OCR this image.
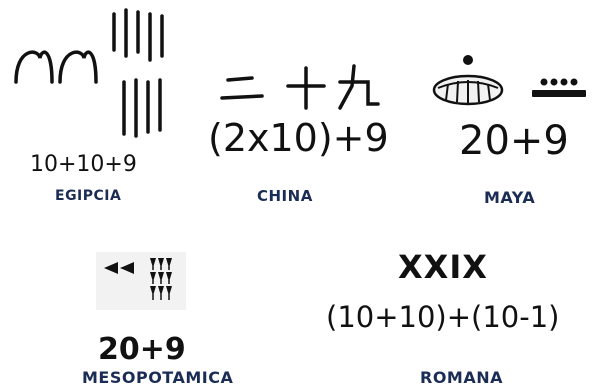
10+10+9
EGIPCIA
(2x10)+9
CHINA
20+9
MAYA
20+9
MESOPOTAMICA
XXIX
(10+10)+(10-1)
ROMANA
